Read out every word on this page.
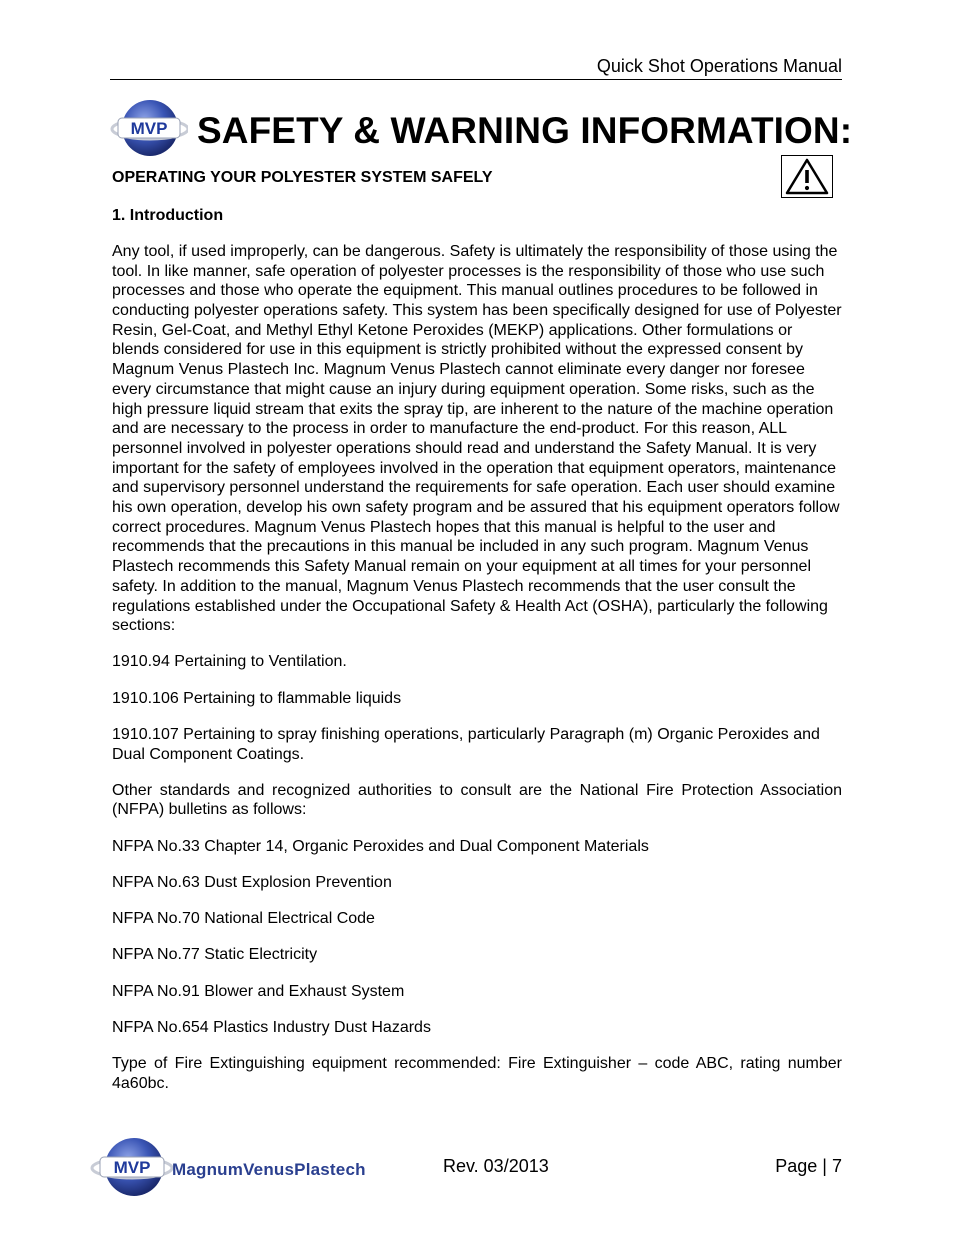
Quick Shot Operations Manual
MVP SAFETY & WARNING INFORMATION:

OPERATING YOUR POLYESTER SYSTEM SAFELY

1. Introduction

Any tool, if used improperly, can be dangerous. Safety is ultimately the responsibility of those using the tool. In like manner, safe operation of polyester processes is the responsibility of those who use such processes and those who operate the equipment. This manual outlines procedures to be followed in conducting polyester operations safety. This system has been specifically designed for use of Polyester Resin, Gel-Coat, and Methyl Ethyl Ketone Peroxides (MEKP) applications. Other formulations or blends considered for use in this equipment is strictly prohibited without the expressed consent by Magnum Venus Plastech Inc. Magnum Venus Plastech cannot eliminate every danger nor foresee every circumstance that might cause an injury during equipment operation. Some risks, such as the high pressure liquid stream that exits the spray tip, are inherent to the nature of the machine operation and are necessary to the process in order to manufacture the end-product. For this reason, ALL personnel involved in polyester operations should read and understand the Safety Manual. It is very important for the safety of employees involved in the operation that equipment operators, maintenance and supervisory personnel understand the requirements for safe operation. Each user should examine his own operation, develop his own safety program and be assured that his equipment operators follow correct procedures. Magnum Venus Plastech hopes that this manual is helpful to the user and recommends that the precautions in this manual be included in any such program. Magnum Venus Plastech recommends this Safety Manual remain on your equipment at all times for your personnel safety. In addition to the manual, Magnum Venus Plastech recommends that the user consult the regulations established under the Occupational Safety & Health Act (OSHA), particularly the following sections:

1910.94 Pertaining to Ventilation.

1910.106 Pertaining to flammable liquids

1910.107 Pertaining to spray finishing operations, particularly Paragraph (m) Organic Peroxides and Dual Component Coatings.

Other standards and recognized authorities to consult are the National Fire Protection Association (NFPA) bulletins as follows:

NFPA No.33 Chapter 14, Organic Peroxides and Dual Component Materials

NFPA No.63 Dust Explosion Prevention

NFPA No.70 National Electrical Code

NFPA No.77 Static Electricity

NFPA No.91 Blower and Exhaust System

NFPA No.654 Plastics Industry Dust Hazards

Type of Fire Extinguishing equipment recommended: Fire Extinguisher – code ABC, rating number 4a60bc.

MVP MagnumVenusPlastech	Rev. 03/2013	Page | 7
